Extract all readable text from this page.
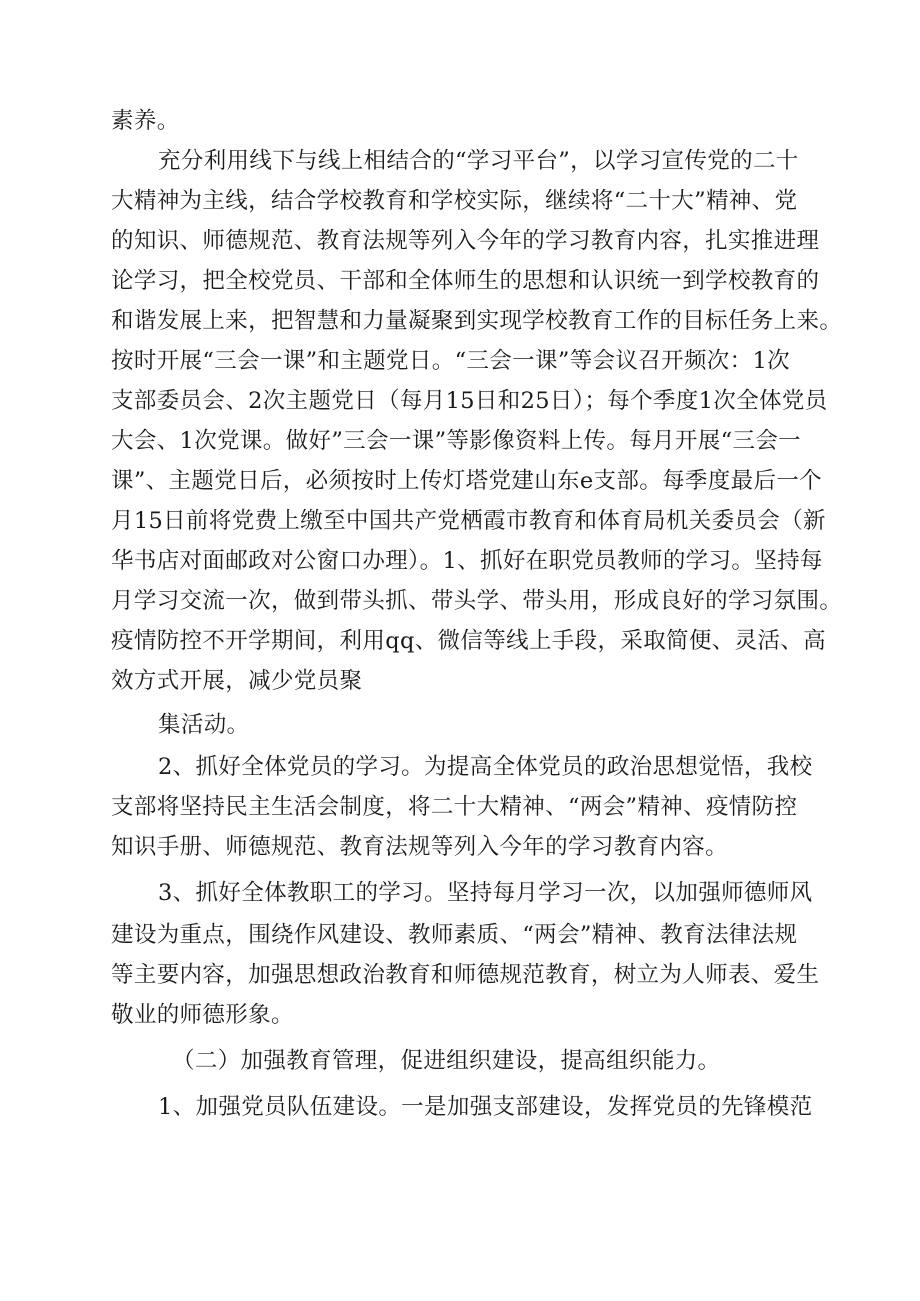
素养。
充分利用线下与线上相结合的“学习平台”，以学习宣传党的二十
大精神为主线，结合学校教育和学校实际，继续将“二十大”精神、党
的知识、师德规范、教育法规等列入今年的学习教育内容，扎实推进理
论学习，把全校党员、干部和全体师生的思想和认识统一到学校教育的
和谐发展上来，把智慧和力量凝聚到实现学校教育工作的目标任务上来。
按时开展“三会一课”和主题党日。“三会一课”等会议召开频次：1次
支部委员会、2次主题党日（每月15日和25日）；每个季度1次全体党员
大会、1次党课。做好”三会一课”等影像资料上传。每月开展“三会一
课”、主题党日后，必须按时上传灯塔党建山东e支部。每季度最后一个
月15日前将党费上缴至中国共产党栖霞市教育和体育局机关委员会（新
华书店对面邮政对公窗口办理）。1、抓好在职党员教师的学习。坚持每
月学习交流一次，做到带头抓、带头学、带头用，形成良好的学习氛围。
疫情防控不开学期间，利用qq、微信等线上手段，采取简便、灵活、高
效方式开展，减少党员聚
集活动。
2、抓好全体党员的学习。为提高全体党员的政治思想觉悟，我校
支部将坚持民主生活会制度，将二十大精神、“两会”精神、疫情防控
知识手册、师德规范、教育法规等列入今年的学习教育内容。
3、抓好全体教职工的学习。坚持每月学习一次，以加强师德师风
建设为重点，围绕作风建设、教师素质、“两会”精神、教育法律法规
等主要内容，加强思想政治教育和师德规范教育，树立为人师表、爱生
敬业的师德形象。
（二）加强教育管理，促进组织建设，提高组织能力。
1、加强党员队伍建设。一是加强支部建设，发挥党员的先锋模范
